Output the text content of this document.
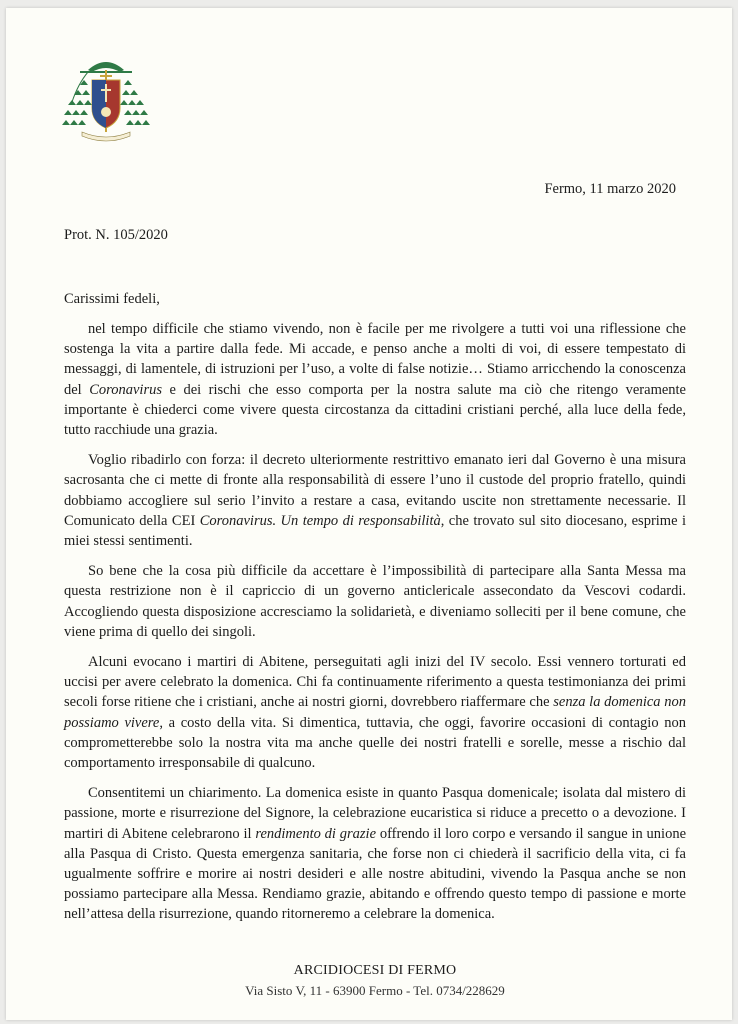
Fermo, 11 marzo 2020
Prot. N. 105/2020
Carissimi fedeli,

nel tempo difficile che stiamo vivendo, non è facile per me rivolgere a tutti voi una riflessione che sostenga la vita a partire dalla fede. Mi accade, e penso anche a molti di voi, di essere tempestato di messaggi, di lamentele, di istruzioni per l’uso, a volte di false notizie… Stiamo arricchendo la conoscenza del Coronavirus e dei rischi che esso comporta per la nostra salute ma ciò che ritengo veramente importante è chiederci come vivere questa circostanza da cittadini cristiani perché, alla luce della fede, tutto racchiude una grazia.

Voglio ribadirlo con forza: il decreto ulteriormente restrittivo emanato ieri dal Governo è una misura sacrosanta che ci mette di fronte alla responsabilità di essere l’uno il custode del proprio fratello, quindi dobbiamo accogliere sul serio l’invito a restare a casa, evitando uscite non strettamente necessarie. Il Comunicato della CEI Coronavirus. Un tempo di responsabilità, che trovato sul sito diocesano, esprime i miei stessi sentimenti.

So bene che la cosa più difficile da accettare è l’impossibilità di partecipare alla Santa Messa ma questa restrizione non è il capriccio di un governo anticlericale assecondato da Vescovi codardi. Accogliendo questa disposizione accresciamo la solidarietà, e diveniamo solleciti per il bene comune, che viene prima di quello dei singoli.

Alcuni evocano i martiri di Abitene, perseguitati agli inizi del IV secolo. Essi vennero torturati ed uccisi per avere celebrato la domenica. Chi fa continuamente riferimento a questa testimonianza dei primi secoli forse ritiene che i cristiani, anche ai nostri giorni, dovrebbero riaffermare che senza la domenica non possiamo vivere, a costo della vita. Si dimentica, tuttavia, che oggi, favorire occasioni di contagio non comprometterebbe solo la nostra vita ma anche quelle dei nostri fratelli e sorelle, messe a rischio dal comportamento irresponsabile di qualcuno.

Consentitemi un chiarimento. La domenica esiste in quanto Pasqua domenicale; isolata dal mistero di passione, morte e risurrezione del Signore, la celebrazione eucaristica si riduce a precetto o a devozione. I martiri di Abitene celebrarono il rendimento di grazie offrendo il loro corpo e versando il sangue in unione alla Pasqua di Cristo. Questa emergenza sanitaria, che forse non ci chiederà il sacrificio della vita, ci fa ugualmente soffrire e morire ai nostri desideri e alle nostre abitudini, vivendo la Pasqua anche se non possiamo partecipare alla Messa. Rendiamo grazie, abitando e offrendo questo tempo di passione e morte nell’attesa della risurrezione, quando ritorneremo a celebrare la domenica.

ARCIDIOCESI DI FERMO
Via Sisto V, 11 - 63900 Fermo - Tel. 0734/228629
